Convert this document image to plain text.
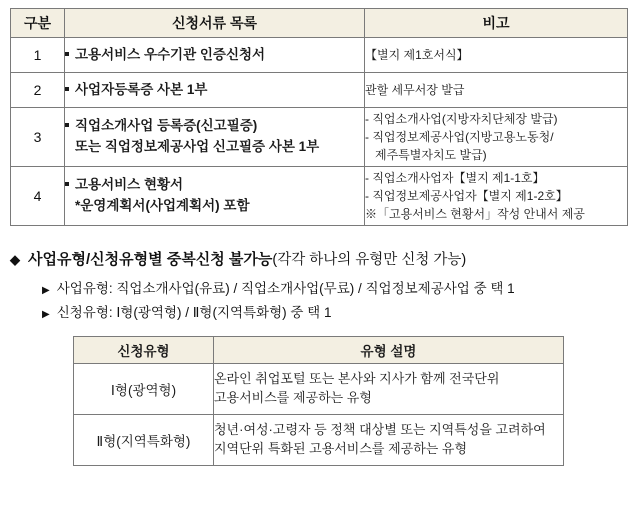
구분	신청서류 목록	비고
1	고용서비스 우수기관 인증신청서	【별지 제1호서식】

2	사업자등록증 사본 1부	관할 세무서장 발급

3	직업소개사업 등록증(신고필증)
또는 직업정보제공사업 신고필증 사본 1부	- 직업소개사업(지방자치단체장 발급)
- 직업정보제공사업(지방고용노동청/
제주특별자치도 발급)

4	고용서비스 현황서
*운영계획서(사업계획서) 포함	- 직업소개사업자【별지 제1-1호】
- 직업정보제공사업자【별지 제1-2호】
※「고용서비스 현황서」작성 안내서 제공
◆ 사업유형/신청유형별 중복신청 불가능 (각각 하나의 유형만 신청 가능)
▶ 사업유형: 직업소개사업(유료) / 직업소개사업(무료) / 직업정보제공사업 중 택 1
▶ 신청유형: Ⅰ형(광역형) / Ⅱ형(지역특화형) 중 택 1
신청유형	유형 설명
Ⅰ형(광역형)	온라인 취업포털 또는 본사와 지사가 함께 전국단위
고용서비스를 제공하는 유형

Ⅱ형(지역특화형)	청년·여성·고령자 등 정책 대상별 또는 지역특성을 고려하여
지역단위 특화된 고용서비스를 제공하는 유형
